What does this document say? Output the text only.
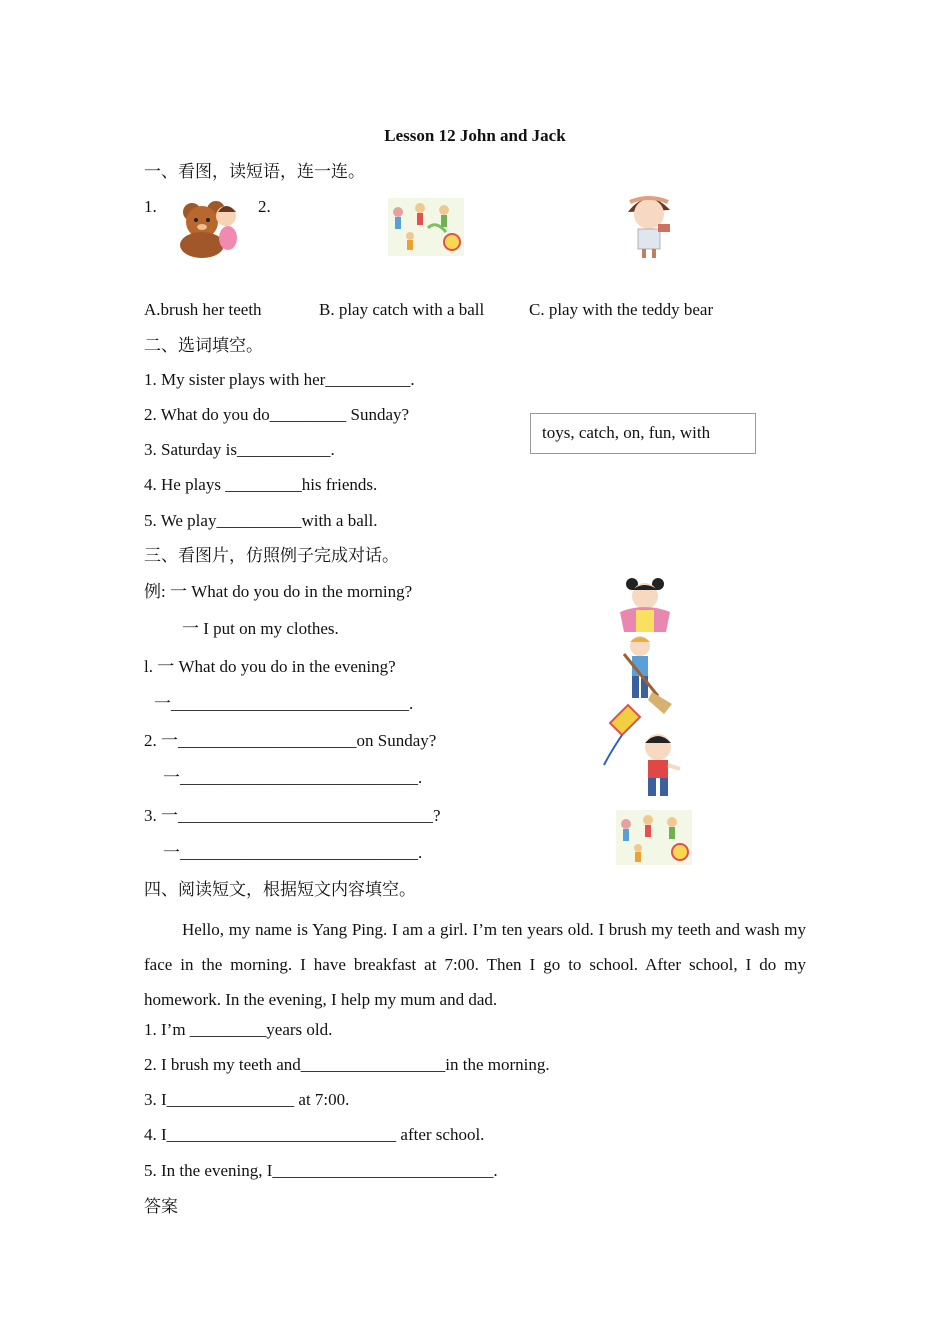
Lesson 12 John and Jack
一、看图，读短语，连一连。
1.	2.
A.brush her teeth	B. play catch with a ball	C. play with the teddy bear
二、选词填空。
1. My sister plays with her__________.
2. What do you do_________ Sunday?
3. Saturday is___________.
4. He plays _________his friends.
5. We play__________with a ball.
toys, catch, on, fun, with
三、看图片，仿照例子完成对话。
例: 一 What do you do in the morning?
一 I put on my clothes.
l. 一 What do you do in the evening?
一____________________________.
2. 一_____________________on Sunday?
一____________________________.
3. 一______________________________?
一____________________________.
四、阅读短文，根据短文内容填空。
Hello, my name is Yang Ping. I am a girl. I’m ten years old. I brush my teeth and wash my face in the morning. I have breakfast at 7:00. Then I go to school. After school, I do my homework. In the evening, I help my mum and dad.
1. I’m _________years old.
2. I brush my teeth and_________________in the morning.
3. I_______________ at 7:00.
4. I___________________________ after school.
5. In the evening, I__________________________.
答案
